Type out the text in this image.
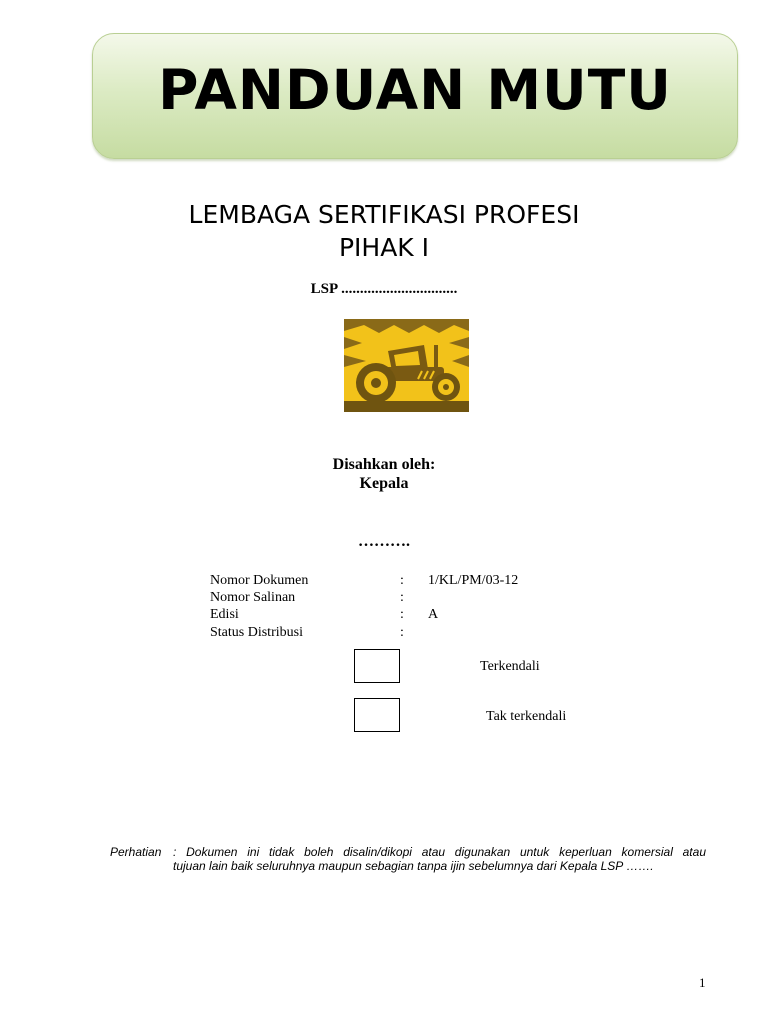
PANDUAN MUTU
LEMBAGA SERTIFIKASI PROFESI
PIHAK I
LSP ...............................
Disahkan oleh:
Kepala
……….
Nomor Dokumen	: 1/KL/PM/03-12
Nomor Salinan	:
Edisi	: A
Status Distribusi	:
Terkendali
Tak terkendali
Perhatian : Dokumen ini tidak boleh disalin/dikopi atau digunakan untuk keperluan komersial atau
tujuan lain baik seluruhnya maupun sebagian tanpa ijin sebelumnya dari Kepala LSP …….
1
